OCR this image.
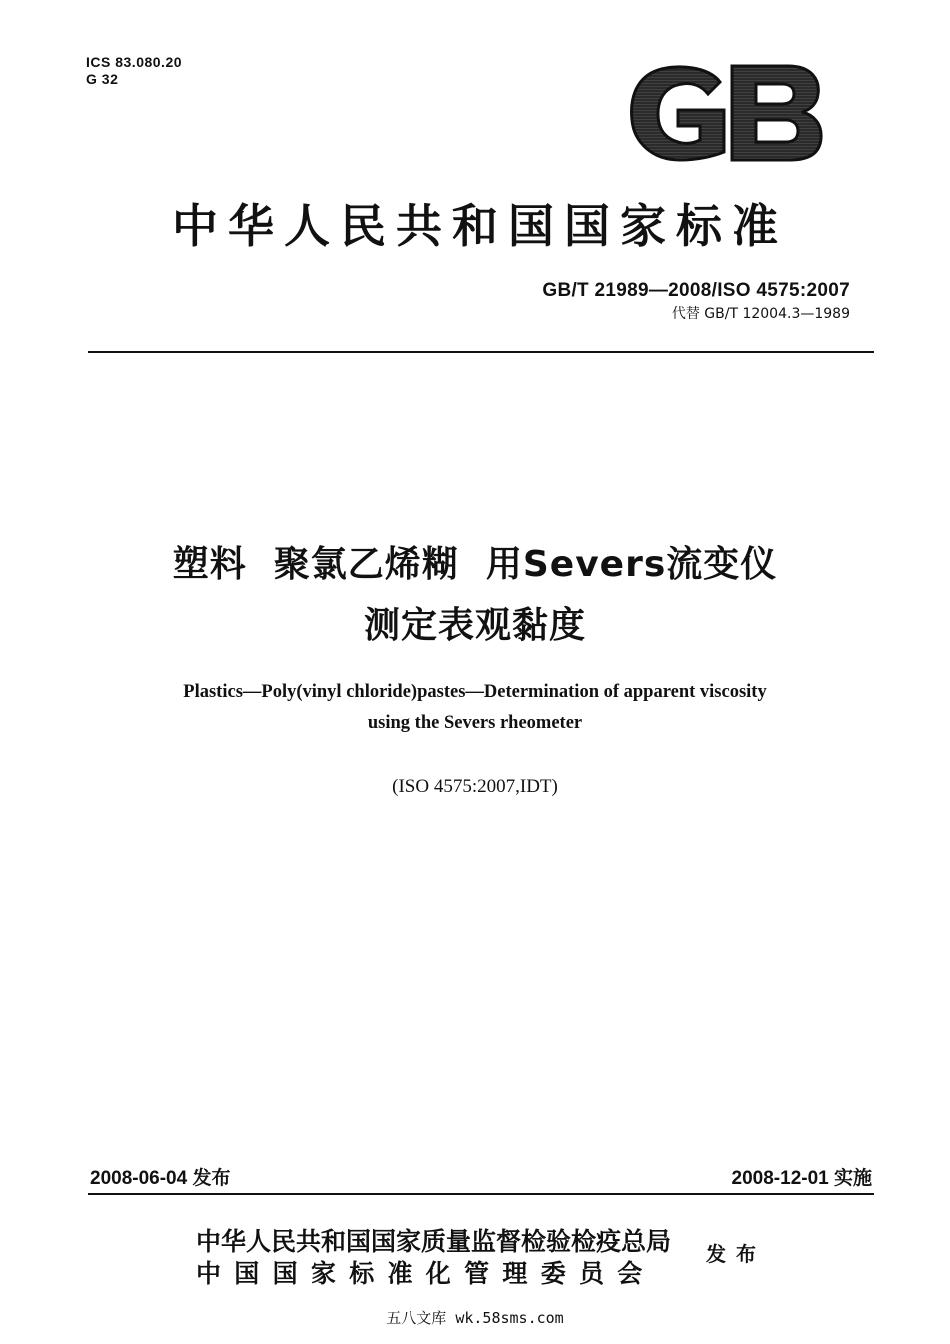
ICS 83.080.20
G 32
GB
中华人民共和国国家标准
GB/T 21989—2008/ISO 4575:2007
代替 GB/T 12004.3—1989
塑料  聚氯乙烯糊  用Severs流变仪
测定表观黏度
Plastics—Poly(vinyl chloride)pastes—Determination of apparent viscosity
using the Severs rheometer
(ISO 4575:2007,IDT)
2008-06-04 发布	2008-12-01 实施
中华人民共和国国家质量监督检验检疫总局
中国国家标准化管理委员会
发布
五八文库 wk.58sms.com
